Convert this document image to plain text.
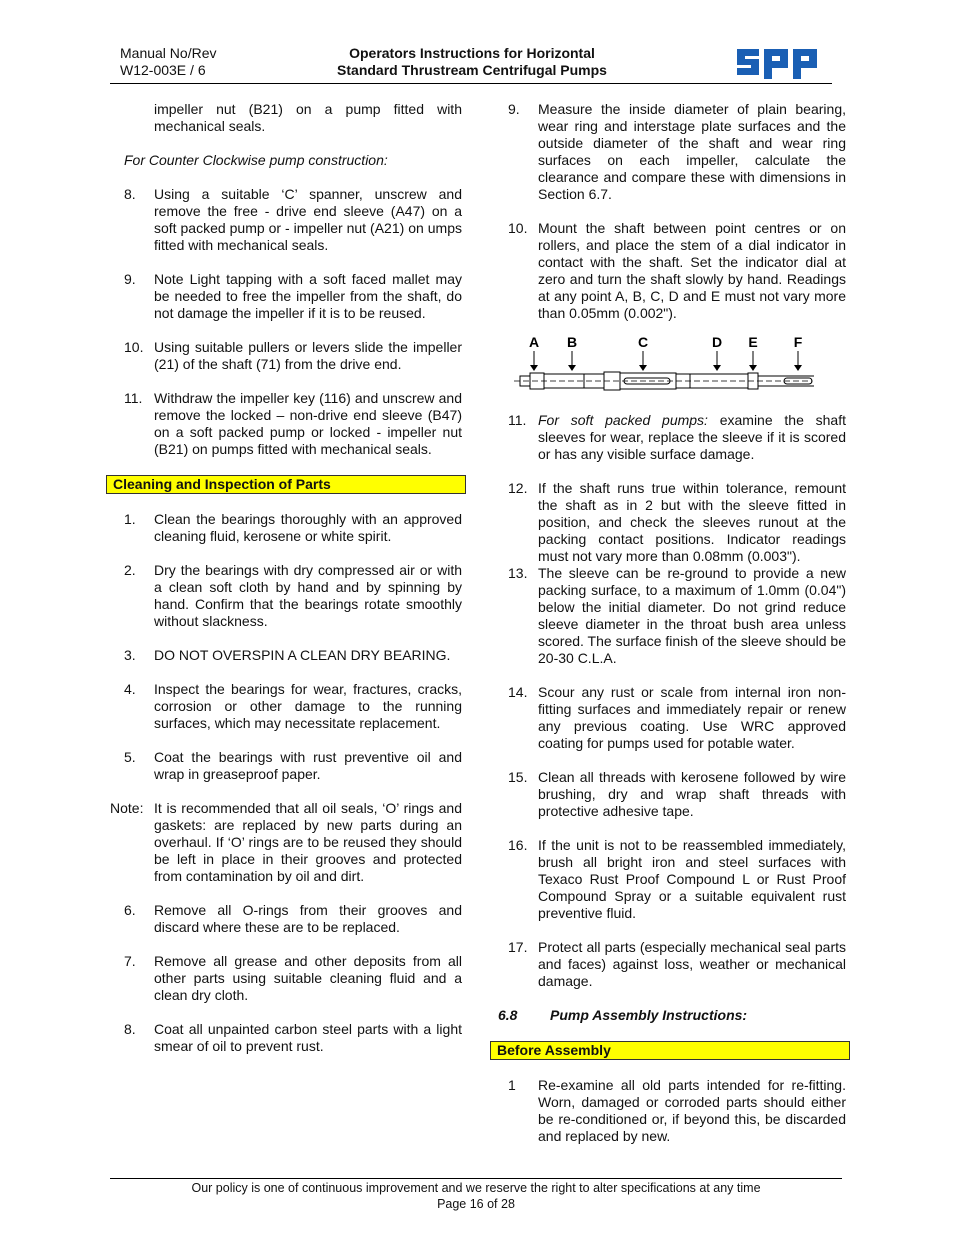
Manual No/Rev
W12-003E / 6
Operators Instructions for Horizontal
Standard Thrustream Centrifugal Pumps
impeller nut (B21) on a pump fitted with mechanical seals.
For Counter Clockwise pump construction:
8.	Using a suitable ‘C’ spanner, unscrew and remove the free - drive end sleeve (A47) on a soft packed pump or - impeller nut (A21) on umps fitted with mechanical seals.
9.	Note Light tapping with a soft faced mallet may be needed to free the impeller from the shaft, do not damage the impeller if it is to be reused.
10. Using suitable pullers or levers slide the impeller (21) of the shaft (71) from the drive end.
11. Withdraw the impeller key (116) and unscrew and remove the locked – non-drive end sleeve (B47) on a soft packed pump or locked - impeller nut (B21) on pumps fitted with mechanical seals.
Cleaning and Inspection of Parts
1.	Clean the bearings thoroughly with an approved cleaning fluid, kerosene or white spirit.
2.	Dry the bearings with dry compressed air or with a clean soft cloth by hand and by spinning by hand. Confirm that the bearings rotate smoothly without slackness.
3.	DO NOT OVERSPIN A CLEAN DRY BEARING.
4.	Inspect the bearings for wear, fractures, cracks, corrosion or other damage to the running surfaces, which may necessitate replacement.
5.	Coat the bearings with rust preventive oil and wrap in greaseproof paper.
Note: It is recommended that all oil seals, ‘O’ rings and gaskets: are replaced by new parts during an overhaul. If ‘O’ rings are to be reused they should be left in place in their grooves and protected from contamination by oil and dirt.
6.	Remove all O-rings from their grooves and discard where these are to be replaced.
7.	Remove all grease and other deposits from all other parts using suitable cleaning fluid and a clean dry cloth.
8.	Coat all unpainted carbon steel parts with a light smear of oil to prevent rust.
9.	Measure the inside diameter of plain bearing, wear ring and interstage plate surfaces and the outside diameter of the shaft and wear ring surfaces on each impeller, calculate the clearance and compare these with dimensions in Section 6.7.
10. Mount the shaft between point centres or on rollers, and place the stem of a dial indicator in contact with the shaft. Set the indicator dial at zero and turn the shaft slowly by hand. Readings at any point A, B, C, D and E must not vary more than 0.05mm (0.002").
A B	C	D E	F
11. For soft packed pumps: examine the shaft sleeves for wear, replace the sleeve if it is scored or has any visible surface damage.
12. If the shaft runs true within tolerance, remount the shaft as in 2 but with the sleeve fitted in position, and check the sleeves runout at the packing contact positions. Indicator readings must not vary more than 0.08mm (0.003").
13. The sleeve can be re-ground to provide a new packing surface, to a maximum of 1.0mm (0.04") below the initial diameter. Do not grind reduce sleeve diameter in the throat bush area unless scored. The surface finish of the sleeve should be 20-30 C.L.A.
14. Scour any rust or scale from internal iron non-fitting surfaces and immediately repair or renew any previous coating. Use WRC approved coating for pumps used for potable water.
15. Clean all threads with kerosene followed by wire brushing, dry and wrap shaft threads with protective adhesive tape.
16. If the unit is not to be reassembled immediately, brush all bright iron and steel surfaces with Texaco Rust Proof Compound L or Rust Proof Compound Spray or a suitable equivalent rust preventive fluid.
17. Protect all parts (especially mechanical seal parts and faces) against loss, weather or mechanical damage.
6.8	Pump Assembly Instructions:
Before Assembly
1	Re-examine all old parts intended for re-fitting. Worn, damaged or corroded parts should either be re-conditioned or, if beyond this, be discarded and replaced by new.
Our policy is one of continuous improvement and we reserve the right to alter specifications at any time
Page 16 of 28
